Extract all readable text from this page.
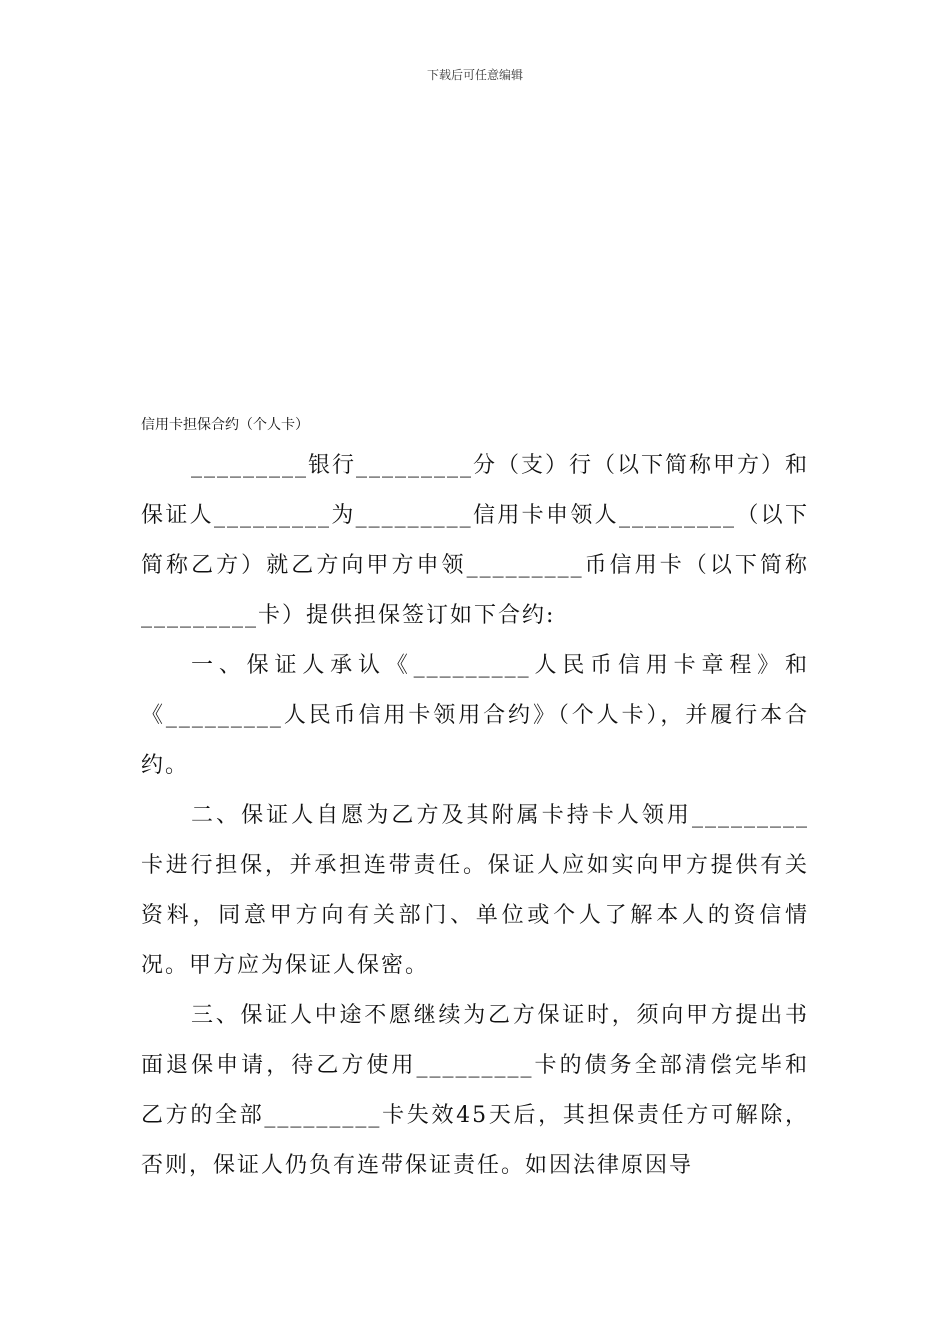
下载后可任意编辑
信用卡担保合约（个人卡）

_________银行_________分（支）行（以下简称甲方）和保证人_________为_________信用卡申领人_________（以下简称乙方）就乙方向甲方申领_________币信用卡（以下简称_________卡）提供担保签订如下合约:

一、保证人承认《_________人民币信用卡章程》和《_________人民币信用卡领用合约》（个人卡），并履行本合约。

二、保证人自愿为乙方及其附属卡持卡人领用_________卡进行担保，并承担连带责任。保证人应如实向甲方提供有关资料，同意甲方向有关部门、单位或个人了解本人的资信情况。甲方应为保证人保密。

三、保证人中途不愿继续为乙方保证时，须向甲方提出书面退保申请，待乙方使用_________卡的债务全部清偿完毕和乙方的全部_________卡失效45天后，其担保责任方可解除，否则，保证人仍负有连带保证责任。如因法律原因导
